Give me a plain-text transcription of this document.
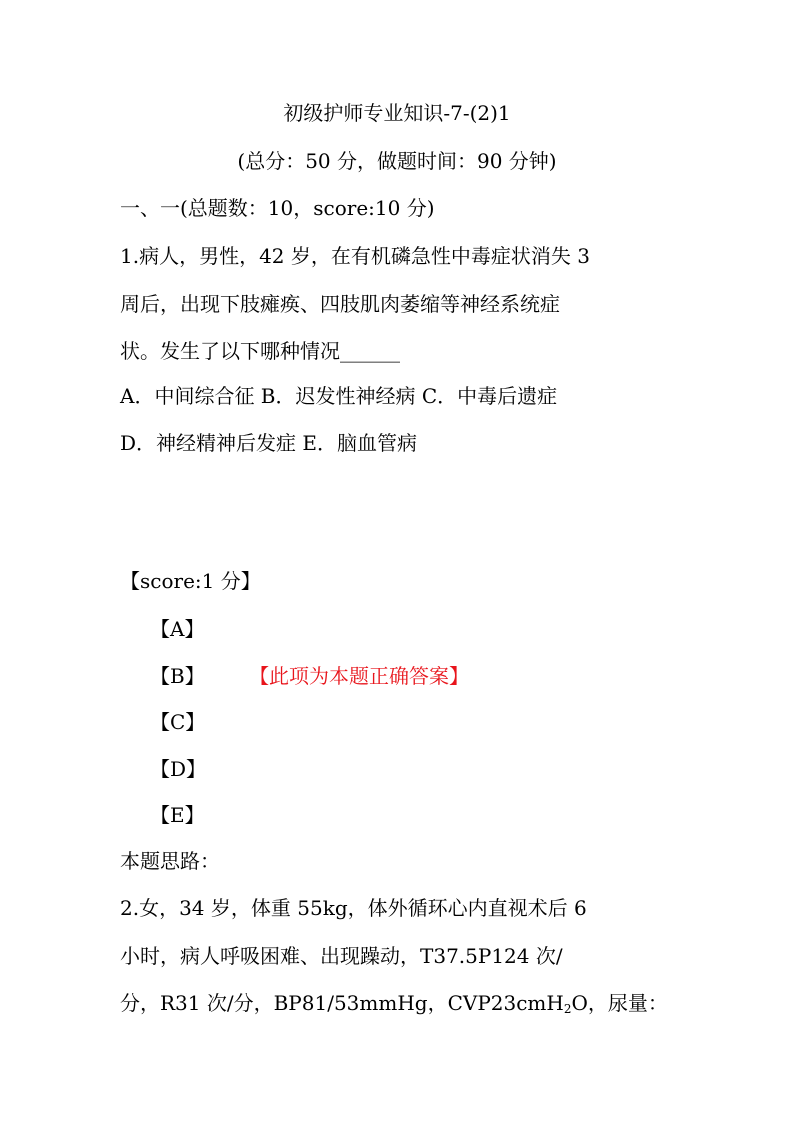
初级护师专业知识-7-(2)1
(总分：50 分，做题时间：90 分钟)
一、一(总题数：10，score:10 分)
1.病人，男性，42 岁，在有机磷急性中毒症状消失 3
周后，出现下肢瘫痪、四肢肌肉萎缩等神经系统症
状。发生了以下哪种情况______
A．中间综合征 B．迟发性神经病 C．中毒后遗症
D．神经精神后发症 E．脑血管病
【score:1 分】
【A】
【B】 【此项为本题正确答案】
【C】
【D】
【E】
本题思路：
2.女，34 岁，体重 55kg，体外循环心内直视术后 6
小时，病人呼吸困难、出现躁动，T37.5P124 次/
分，R31 次/分，BP81/53mmHg，CVP23cmH$_2$O，尿量：
